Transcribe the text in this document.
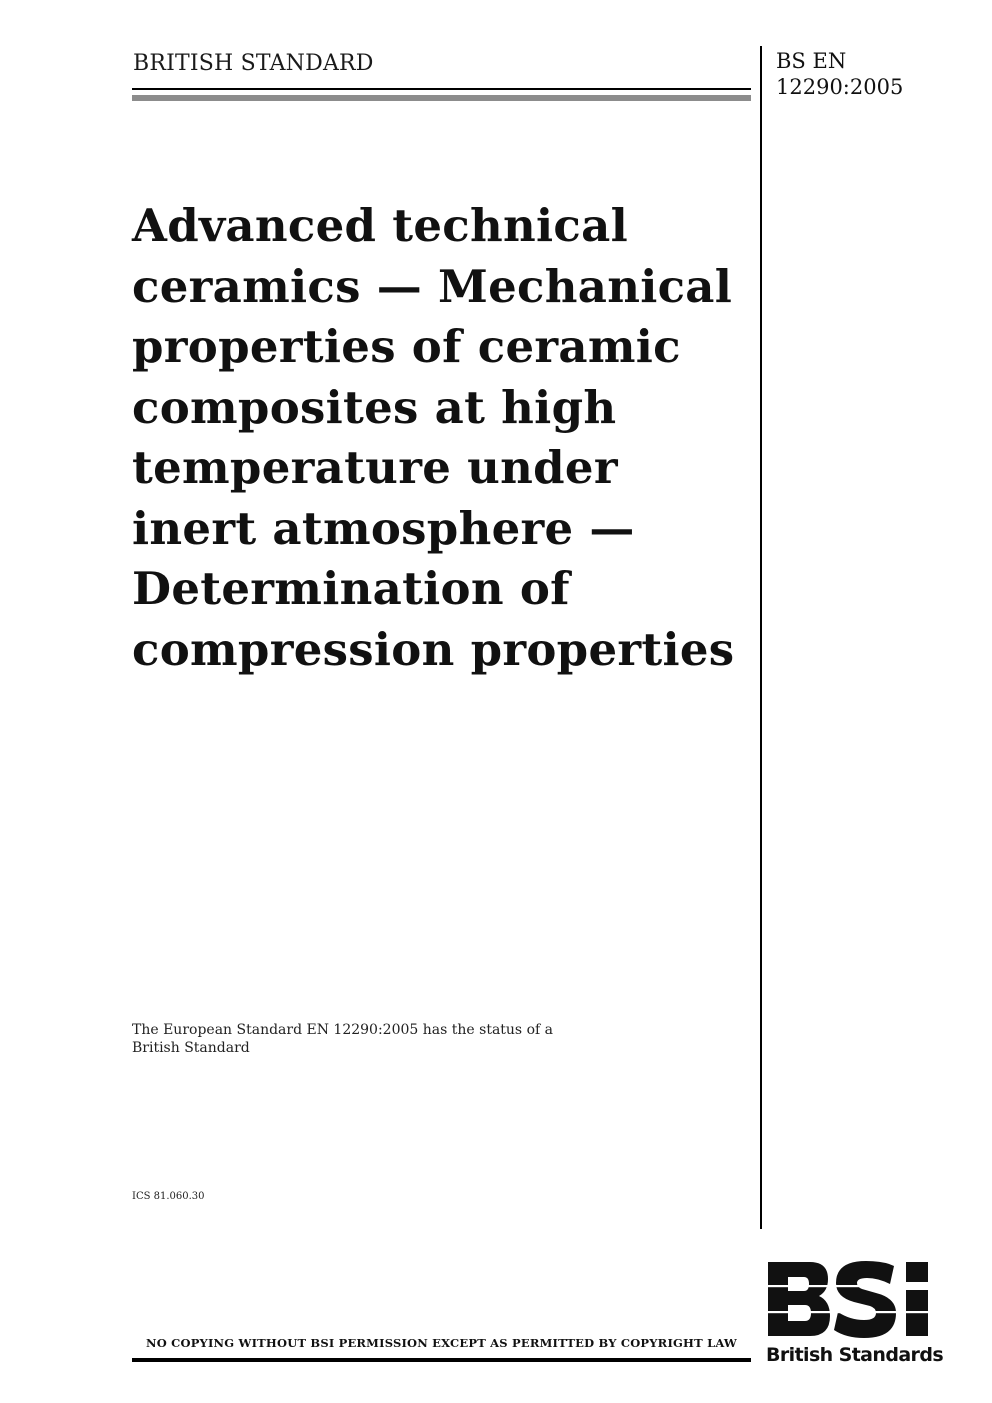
BRITISH STANDARD	BS EN
12290:2005
Advanced technical
ceramics — Mechanical
properties of ceramic
composites at high
temperature under
inert atmosphere —
Determination of
compression properties
The European Standard EN 12290:2005 has the status of a
British Standard
ICS 81.060.30
NO COPYING WITHOUT BSI PERMISSION EXCEPT AS PERMITTED BY COPYRIGHT LAW
British Standards
